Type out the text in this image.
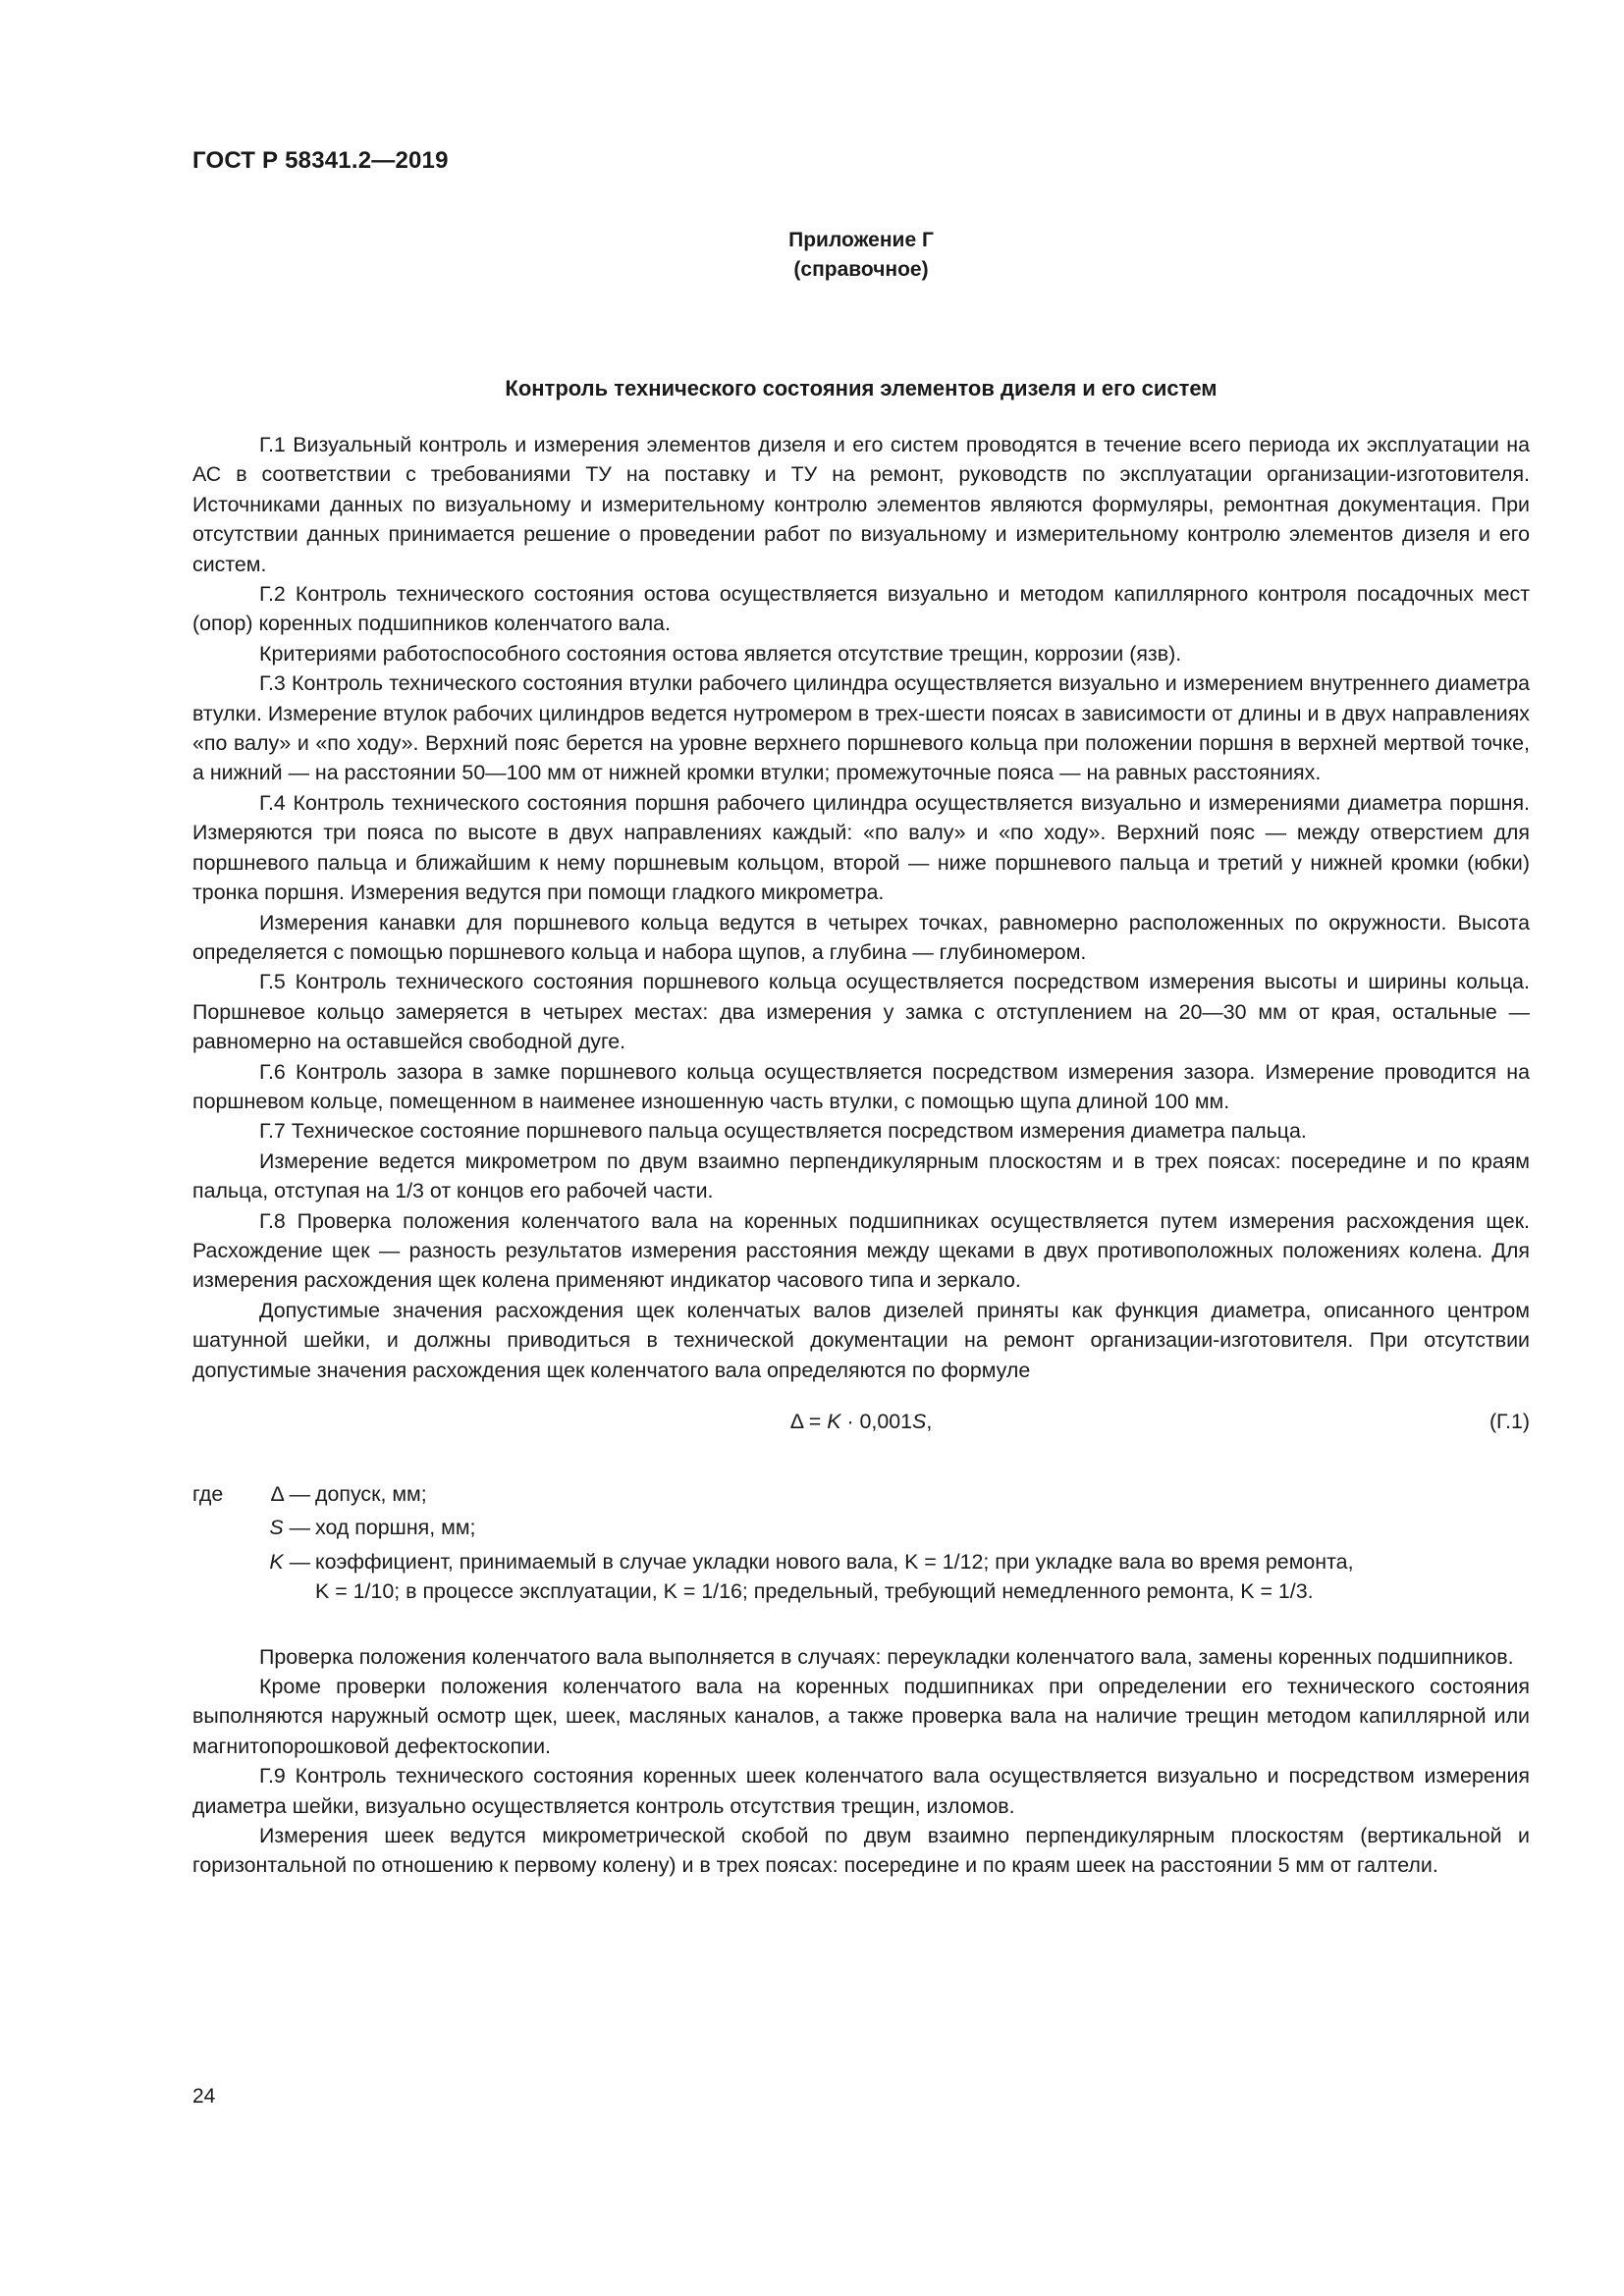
ГОСТ Р 58341.2—2019
Приложение Г
(справочное)
Контроль технического состояния элементов дизеля и его систем

Г.1 Визуальный контроль и измерения элементов дизеля и его систем проводятся в течение всего периода их эксплуатации на АС в соответствии с требованиями ТУ на поставку и ТУ на ремонт, руководств по эксплуатации организации-изготовителя. Источниками данных по визуальному и измерительному контролю элементов являются формуляры, ремонтная документация. При отсутствии данных принимается решение о проведении работ по визуальному и измерительному контролю элементов дизеля и его систем.

Г.2 Контроль технического состояния остова осуществляется визуально и методом капиллярного контроля посадочных мест (опор) коренных подшипников коленчатого вала.

Критериями работоспособного состояния остова является отсутствие трещин, коррозии (язв).

Г.3 Контроль технического состояния втулки рабочего цилиндра осуществляется визуально и измерением внутреннего диаметра втулки. Измерение втулок рабочих цилиндров ведется нутромером в трех-шести поясах в зависимости от длины и в двух направлениях «по валу» и «по ходу». Верхний пояс берется на уровне верхнего поршневого кольца при положении поршня в верхней мертвой точке, а нижний — на расстоянии 50—100 мм от нижней кромки втулки; промежуточные пояса — на равных расстояниях.

Г.4 Контроль технического состояния поршня рабочего цилиндра осуществляется визуально и измерениями диаметра поршня. Измеряются три пояса по высоте в двух направлениях каждый: «по валу» и «по ходу». Верхний пояс — между отверстием для поршневого пальца и ближайшим к нему поршневым кольцом, второй — ниже поршневого пальца и третий у нижней кромки (юбки) тронка поршня. Измерения ведутся при помощи гладкого микрометра.

Измерения канавки для поршневого кольца ведутся в четырех точках, равномерно расположенных по окружности. Высота определяется с помощью поршневого кольца и набора щупов, а глубина — глубиномером.

Г.5 Контроль технического состояния поршневого кольца осуществляется посредством измерения высоты и ширины кольца. Поршневое кольцо замеряется в четырех местах: два измерения у замка с отступлением на 20—30 мм от края, остальные — равномерно на оставшейся свободной дуге.

Г.6 Контроль зазора в замке поршневого кольца осуществляется посредством измерения зазора. Измерение проводится на поршневом кольце, помещенном в наименее изношенную часть втулки, с помощью щупа длиной 100 мм.

Г.7 Техническое состояние поршневого пальца осуществляется посредством измерения диаметра пальца.

Измерение ведется микрометром по двум взаимно перпендикулярным плоскостям и в трех поясах: посередине и по краям пальца, отступая на 1/3 от концов его рабочей части.

Г.8 Проверка положения коленчатого вала на коренных подшипниках осуществляется путем измерения расхождения щек. Расхождение щек — разность результатов измерения расстояния между щеками в двух противоположных положениях колена. Для измерения расхождения щек колена применяют индикатор часового типа и зеркало.

Допустимые значения расхождения щек коленчатых валов дизелей приняты как функция диаметра, описанного центром шатунной шейки, и должны приводиться в технической документации на ремонт организации-изготовителя. При отсутствии допустимые значения расхождения щек коленчатого вала определяются по формуле

Δ = K · 0,001S,	(Г.1)
где	Δ — допуск, мм;
S — ход поршня, мм;
K — коэффициент, принимаемый в случае укладки нового вала, K = 1/12; при укладке вала во время ремонта,
K = 1/10; в процессе эксплуатации, K = 1/16; предельный, требующий немедленного ремонта, K = 1/3.

Проверка положения коленчатого вала выполняется в случаях: переукладки коленчатого вала, замены коренных подшипников.

Кроме проверки положения коленчатого вала на коренных подшипниках при определении его технического состояния выполняются наружный осмотр щек, шеек, масляных каналов, а также проверка вала на наличие трещин методом капиллярной или магнитопорошковой дефектоскопии.

Г.9 Контроль технического состояния коренных шеек коленчатого вала осуществляется визуально и посредством измерения диаметра шейки, визуально осуществляется контроль отсутствия трещин, изломов.

Измерения шеек ведутся микрометрической скобой по двум взаимно перпендикулярным плоскостям (вертикальной и горизонтальной по отношению к первому колену) и в трех поясах: посередине и по краям шеек на расстоянии 5 мм от галтели.

24
